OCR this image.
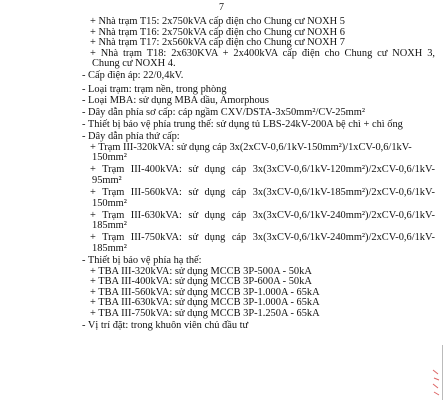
7
+ Nhà trạm T15: 2x750kVA cấp điện cho Chung cư NOXH 5
+ Nhà trạm T16: 2x750kVA cấp điện cho Chung cư NOXH 6
+ Nhà trạm T17: 2x560kVA cấp điện cho Chung cư NOXH 7
+ Nhà trạm T18: 2x630KVA + 2x400kVA cấp điện cho Chung cư NOXH 3,
Chung cư NOXH 4.
- Cấp điện áp: 22/0,4kV.
- Loại trạm: trạm nền, trong phòng
- Loại MBA: sử dụng MBA dầu, Amorphous
- Dây dẫn phía sơ cấp: cáp ngầm CXV/DSTA-3x50mm²/CV-25mm²
- Thiết bị bảo vệ phía trung thế: sử dụng tủ LBS-24kV-200A bệ chì + chì ống
- Dây dẫn phía thứ cấp:
+ Trạm III-320kVA: sử dụng cáp 3x(2xCV-0,6/1kV-150mm²)/1xCV-0,6/1kV-
150mm²
+ Trạm III-400kVA: sử dụng cáp 3x(3xCV-0,6/1kV-120mm²)/2xCV-0,6/1kV-
95mm²
+ Trạm III-560kVA: sử dụng cáp 3x(3xCV-0,6/1kV-185mm²)/2xCV-0,6/1kV-
150mm²
+ Trạm III-630kVA: sử dụng cáp 3x(3xCV-0,6/1kV-240mm²)/2xCV-0,6/1kV-
185mm²
+ Trạm III-750kVA: sử dụng cáp 3x(3xCV-0,6/1kV-240mm²)/2xCV-0,6/1kV-
185mm²
- Thiết bị bảo vệ phía hạ thế:
+ TBA III-320kVA: sử dụng MCCB 3P-500A - 50kA
+ TBA III-400kVA: sử dụng MCCB 3P-600A - 50kA
+ TBA III-560kVA: sử dụng MCCB 3P-1.000A - 65kA
+ TBA III-630kVA: sử dụng MCCB 3P-1.000A - 65kA
+ TBA III-750kVA: sử dụng MCCB 3P-1.250A - 65kA
- Vị trí đặt: trong khuôn viên chủ đầu tư
